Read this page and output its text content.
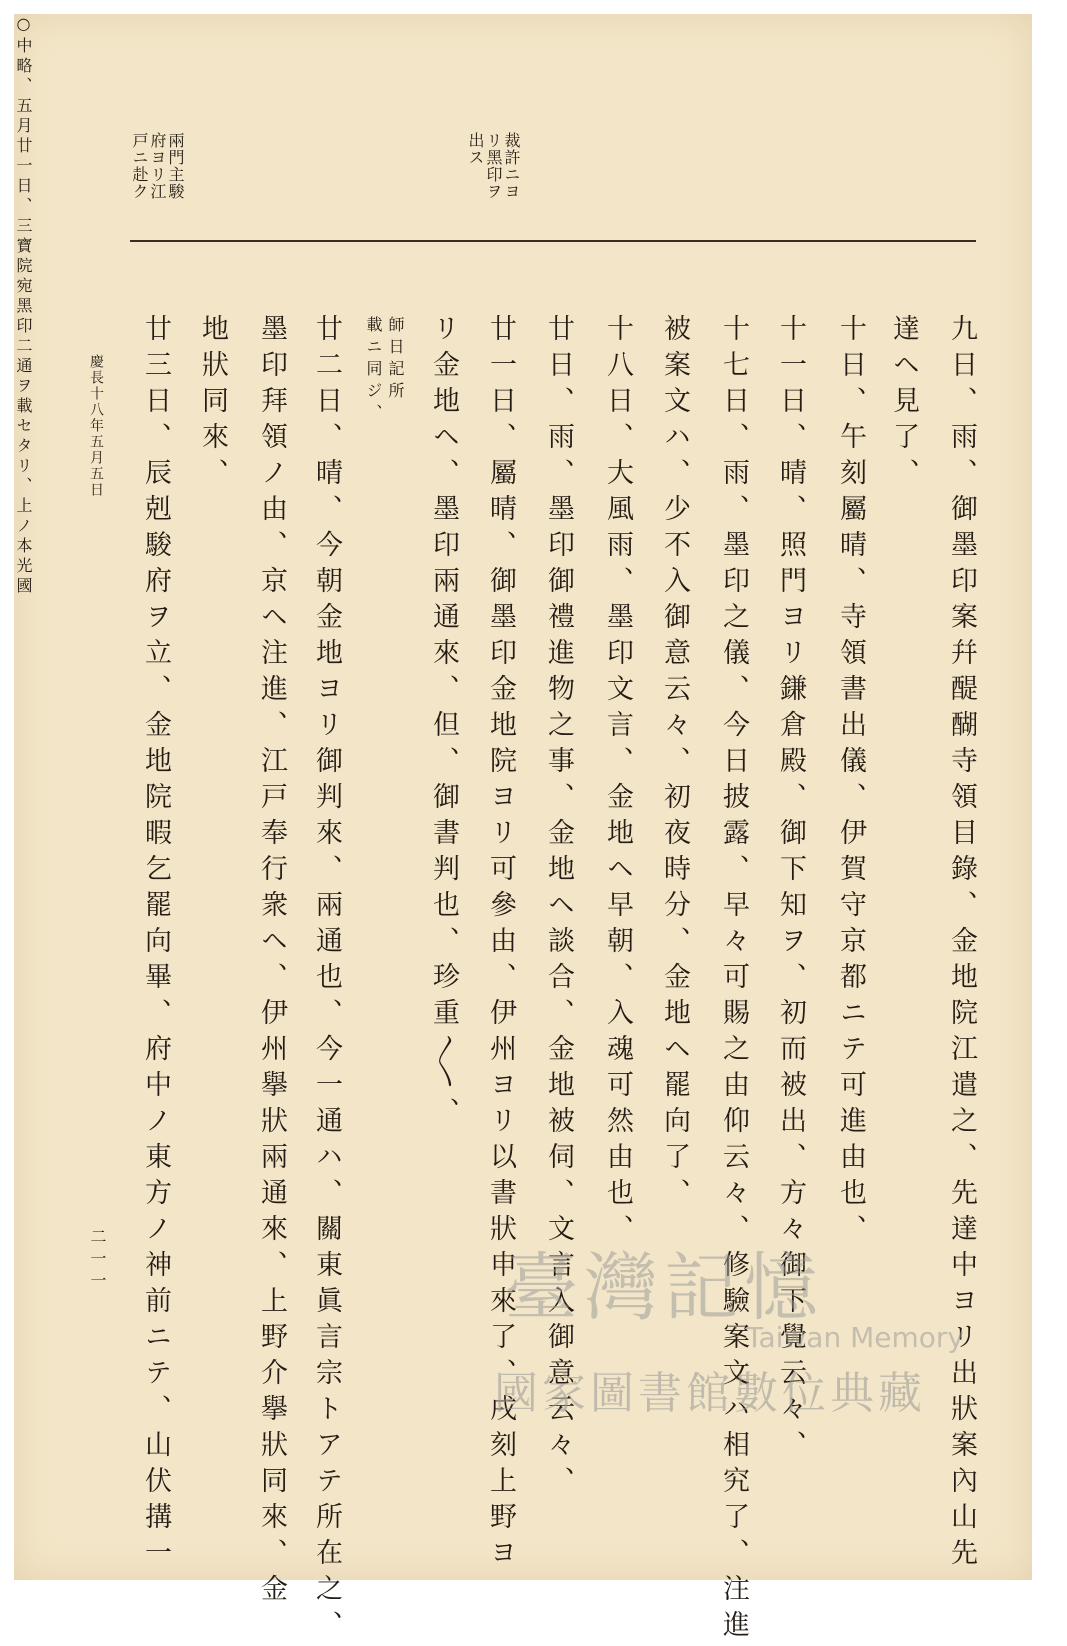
兩門主駿
府ヨリ江
戸ニ赴ク	裁許ニヨ
リ黑印ヲ
出ス
九日、雨、御墨印案幷醍醐寺領目錄、金地院江遣之、先達中ヨリ出狀案內山先
達ヘ見了、
十日、午刻屬晴、寺領書出儀、伊賀守京都ニテ可進由也、
十一日、晴、照門ヨリ鎌倉殿、御下知ヲ、初而被出、方々御下覺云々、
十七日、雨、墨印之儀、今日披露、早々可賜之由仰云々、修驗案文ハ相究了、注進
被案文ハ、少不入御意云々、初夜時分、金地ヘ罷向了、
十八日、大風雨、墨印文言、金地ヘ早朝、入魂可然由也、
廿日、雨、墨印御禮進物之事、金地ヘ談合、金地被伺、文言入御意云々、
廿一日、屬晴、御墨印金地院ヨリ可參由、伊州ヨリ以書狀申來了、戌刻上野ヨ
○中略、五月廿一日、三寶院宛黑
印二通ヲ載セタリ、上ノ本光國	リ金地ヘ、墨印兩通來、但、御書判也、珍重〱、
師日記所
載ニ同ジ、
廿二日、晴、今朝金地ヨリ御判來、兩通也、今一通ハ、關東眞言宗トアテ所在之、
墨印拜領ノ由、京ヘ注進、江戸奉行衆ヘ、伊州擧狀兩通來、上野介擧狀同來、金
地狀同來、
廿三日、辰剋駿府ヲ立、金地院暇乞罷向畢、府中ノ東方ノ神前ニテ、山伏搆一
慶長十八年五月五日
二一一	臺灣記憶
Taiwan Memory
國家圖書館數位典藏
